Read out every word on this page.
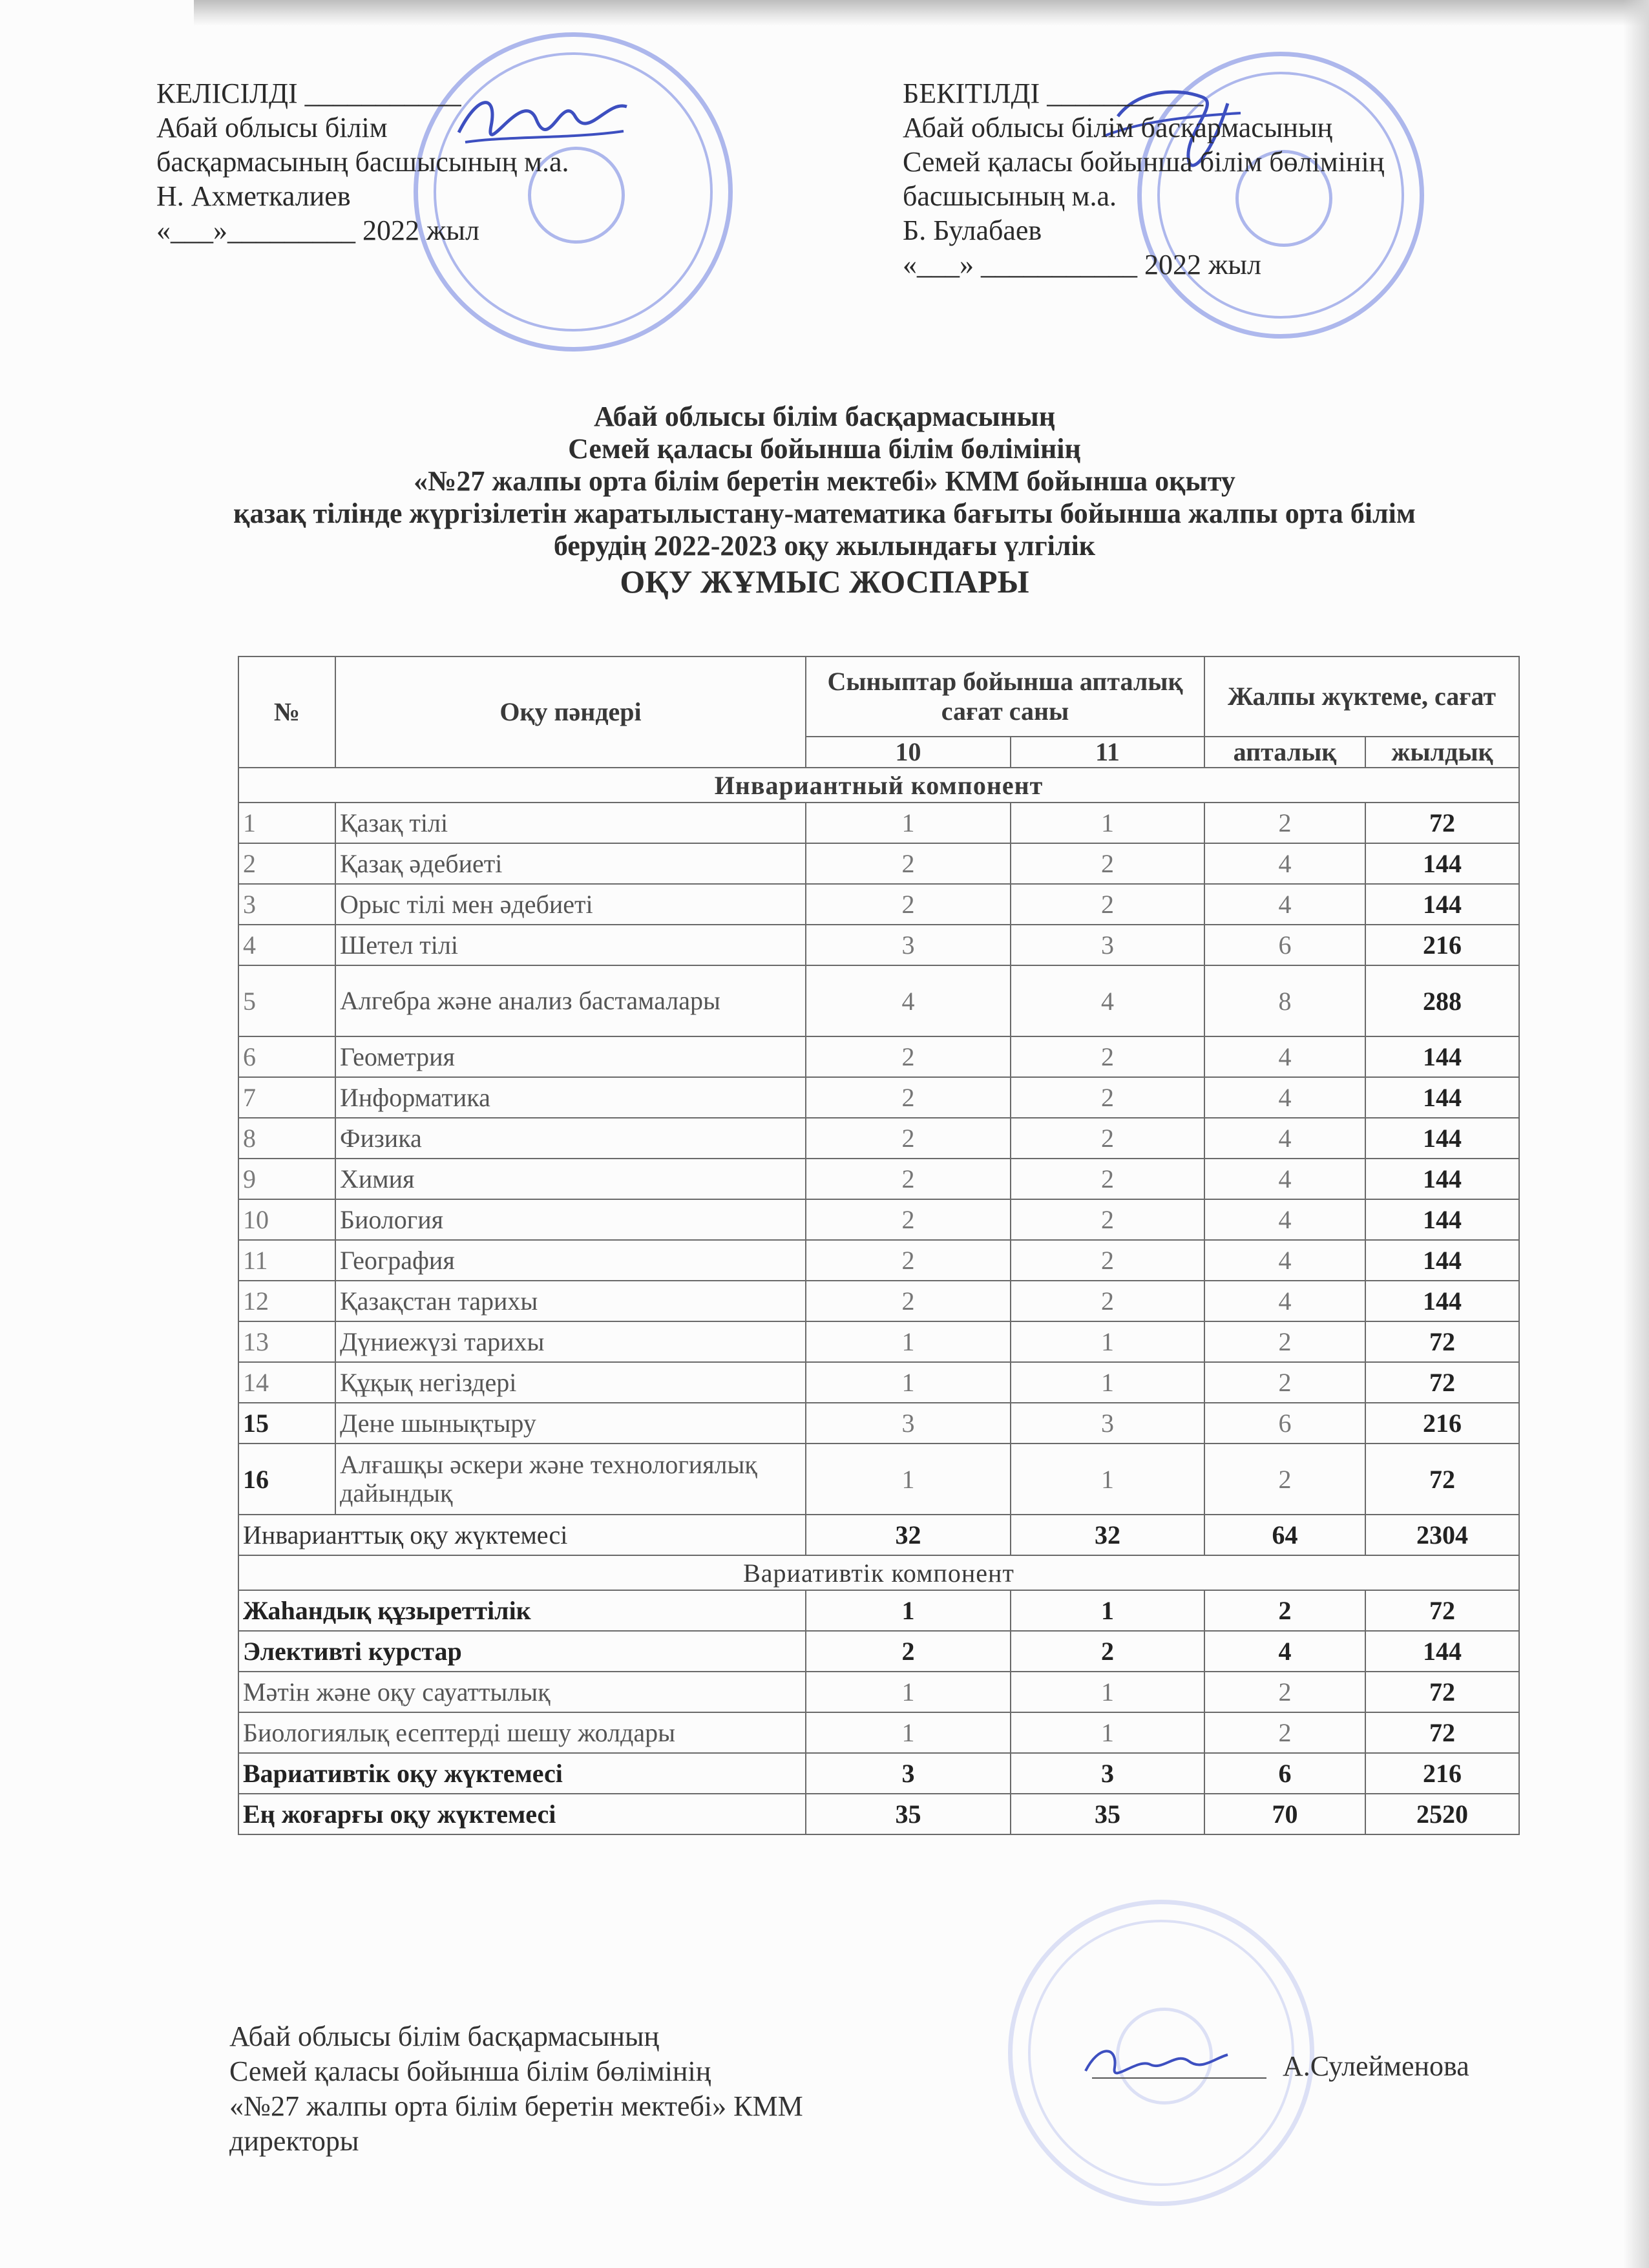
КЕЛІСІЛДІ ___________
Абай облысы білім
басқармасының басшысының м.а.
Н. Ахметкалиев
«___»_________ 2022 жыл
БЕКІТІЛДІ ___________
Абай облысы білім басқармасының
Семей қаласы бойынша білім бөлімінің
басшысының м.а.
Б. Булабаев
«___» ___________ 2022 жыл
Абай облысы білім басқармасының
Семей қаласы бойынша білім бөлімінің
«№27 жалпы орта білім беретін мектебі» КММ бойынша оқыту
қазақ тілінде жүргізілетін жаратылыстану-математика бағыты бойынша жалпы орта білім
берудің 2022-2023 оқу жылындағы үлгілік
ОҚУ ЖҰМЫС ЖОСПАРЫ
№	Оқу пәндері	Сыныптар бойынша апталық сағат саны		Жалпы жүктеме, сағат	
		10	11	апталық	жылдық
Инвариантный компонент					
1	Қазақ тілі	1	1	2	72
2	Қазақ әдебиеті	2	2	4	144
3	Орыс тілі мен әдебиеті	2	2	4	144
4	Шетел тілі	3	3	6	216
5	Алгебра және анализ бастамалары	4	4	8	288
6	Геометрия	2	2	4	144
7	Информатика	2	2	4	144
8	Физика	2	2	4	144
9	Химия	2	2	4	144
10	Биология	2	2	4	144
11	География	2	2	4	144
12	Қазақстан тарихы	2	2	4	144
13	Дүниежүзі тарихы	1	1	2	72
14	Құқық негіздері	1	1	2	72
15	Дене шынықтыру	3	3	6	216
16	Алғашқы әскери және технологиялық дайындық	1	1	2	72
Инварианттық оқу жүктемесі		32	32	64	2304
Вариативтік компонент					
Жаһандық құзыреттілік		1	1	2	72
Элективті курстар		2	2	4	144
Мәтін және оқу сауаттылық		1	1	2	72
Биологиялық есептерді шешу жолдары		1	1	2	72
Вариативтік оқу жүктемесі		3	3	6	216
Ең жоғарғы оқу жүктемесі		35	35	70	2520
Абай облысы білім басқармасының
Семей қаласы бойынша білім бөлімінің
«№27 жалпы орта білім беретін мектебі» КММ
директоры
А.Сулейменова
